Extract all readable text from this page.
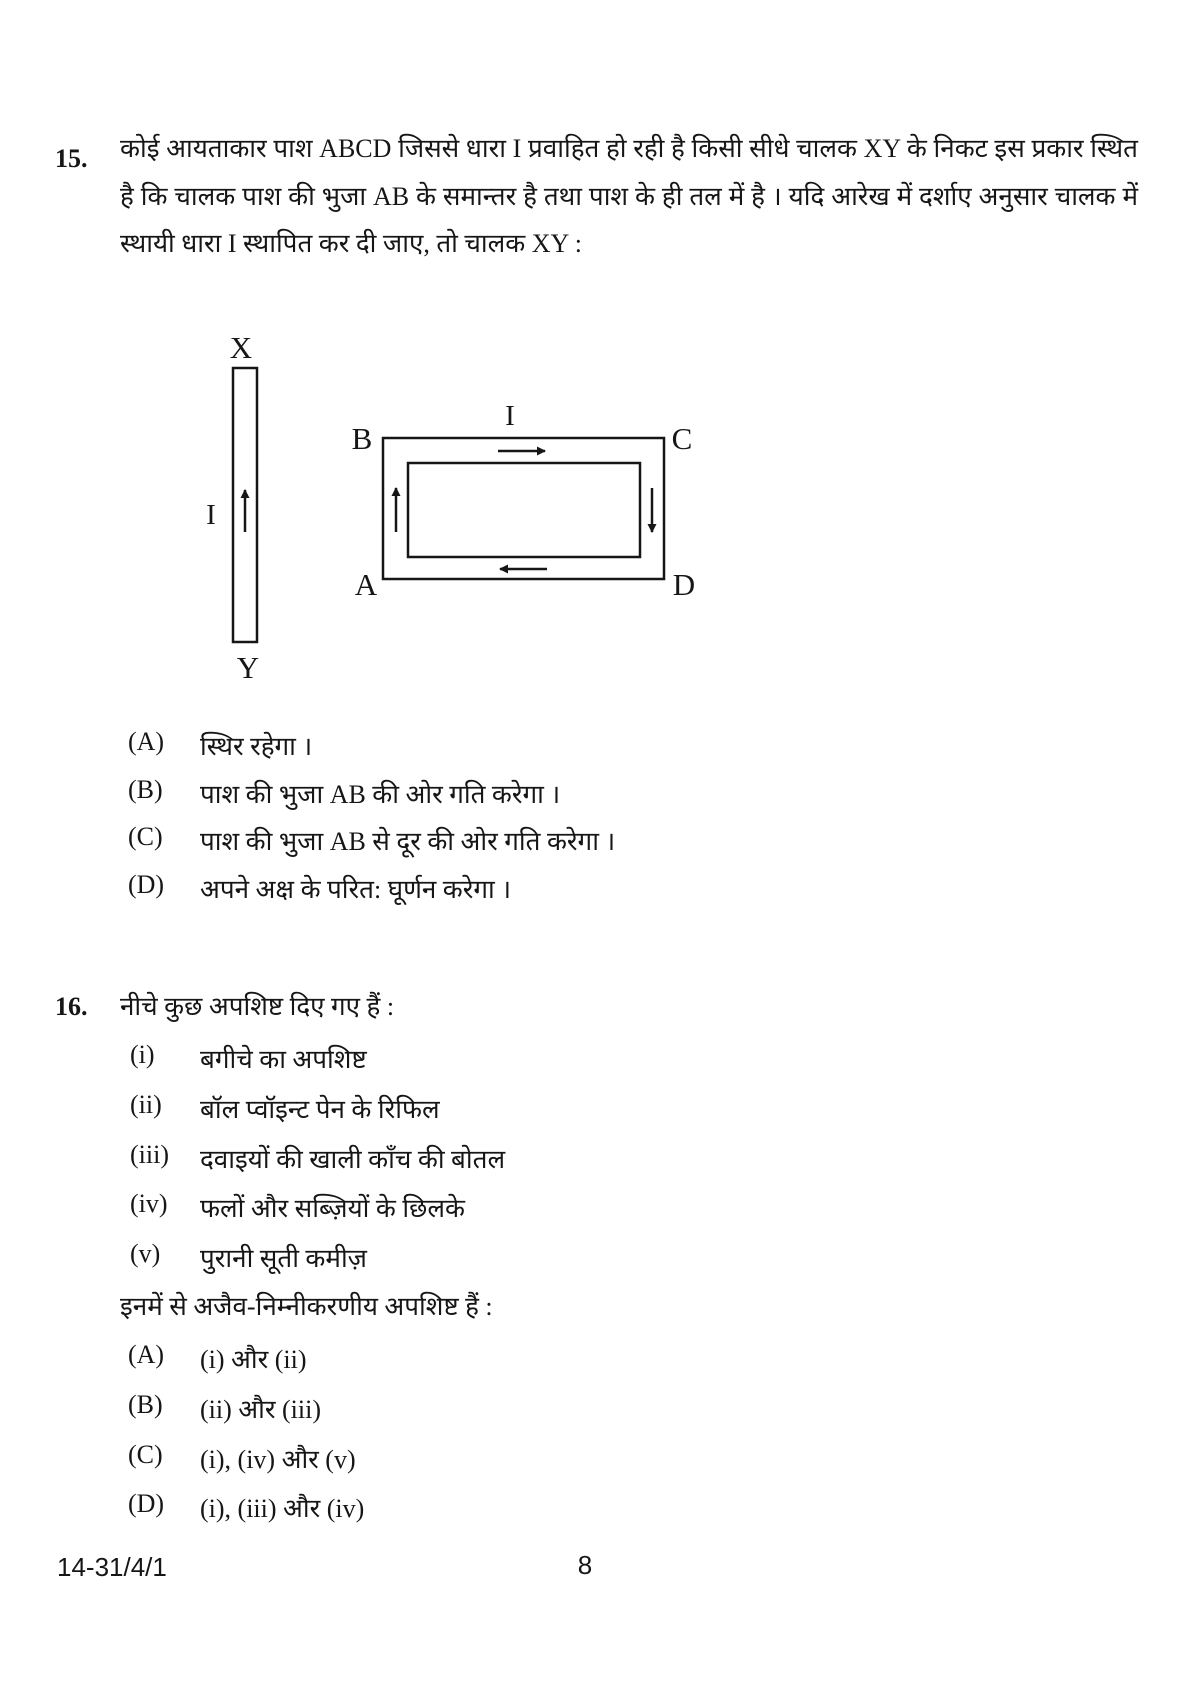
15. कोई आयताकार पाश ABCD जिससे धारा I प्रवाहित हो रही है किसी सीधे चालक XY के निकट इस प्रकार स्थित है कि चालक पाश की भुजा AB के समान्तर है तथा पाश के ही तल में है । यदि आरेख में दर्शाए अनुसार चालक में स्थायी धारा I स्थापित कर दी जाए, तो चालक XY :
X
I
Y
I
B	C
A	D
(A)	स्थिर रहेगा ।
(B)	पाश की भुजा AB की ओर गति करेगा ।
(C)	पाश की भुजा AB से दूर की ओर गति करेगा ।
(D)	अपने अक्ष के परित: घूर्णन करेगा ।
16. नीचे कुछ अपशिष्ट दिए गए हैं :
(i)	बगीचे का अपशिष्ट
(ii)	बॉल प्वॉइन्ट पेन के रिफिल
(iii)	दवाइयों की खाली काँच की बोतल
(iv)	फलों और सब्ज़ियों के छिलके
(v)	पुरानी सूती कमीज़
इनमें से अजैव-निम्नीकरणीय अपशिष्ट हैं :
(A)	(i) और (ii)
(B)	(ii) और (iii)
(C)	(i), (iv) और (v)
(D)	(i), (iii) और (iv)
14-31/4/1	8
